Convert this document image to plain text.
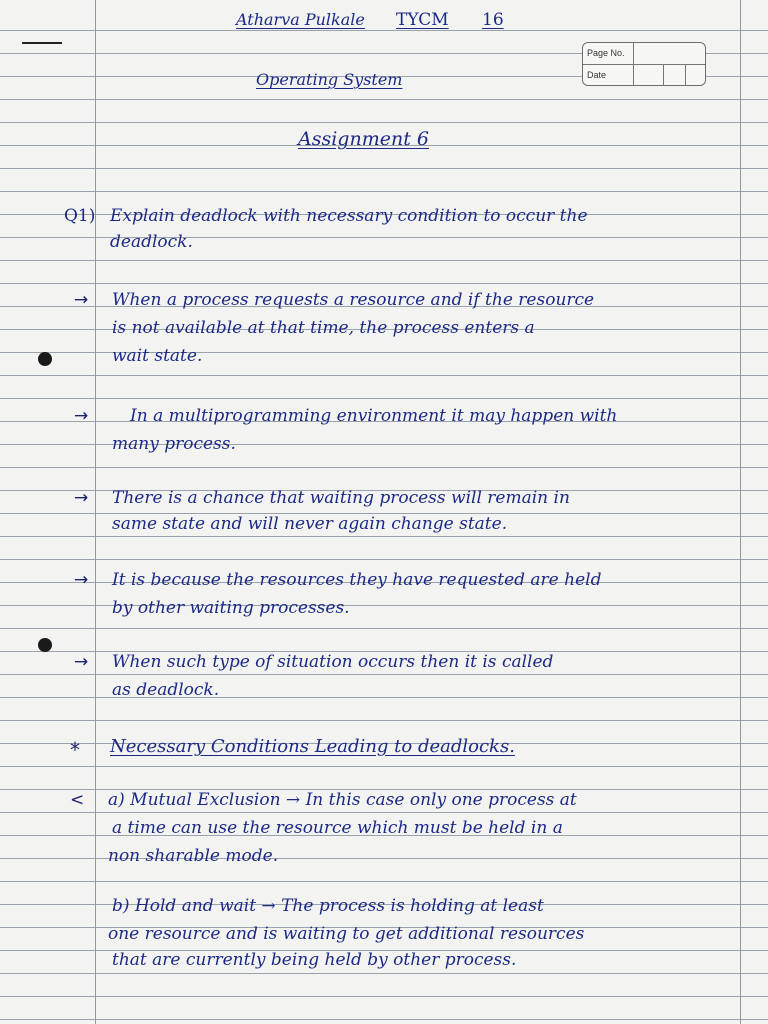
Atharva Pulkale TYCM 16
Operating System
Assignment 6
Page No.
Date
Q1) Explain deadlock with necessary condition to occur the
deadlock.
→ When a process requests a resource and if the resource
is not available at that time, the process enters a
wait state.
→ In a multiprogramming environment it may happen with
many process.
→ There is a chance that waiting process will remain in
same state and will never again change state.
→ It is because the resources they have requested are held
by other waiting processes.
→ When such type of situation occurs then it is called
as deadlock.
* Necessary Conditions Leading to deadlocks.
< a) Mutual Exclusion → In this case only one process at
a time can use the resource which must be held in a
non sharable mode.
b) Hold and wait → The process is holding at least
one resource and is waiting to get additional resources
that are currently being held by other process.
